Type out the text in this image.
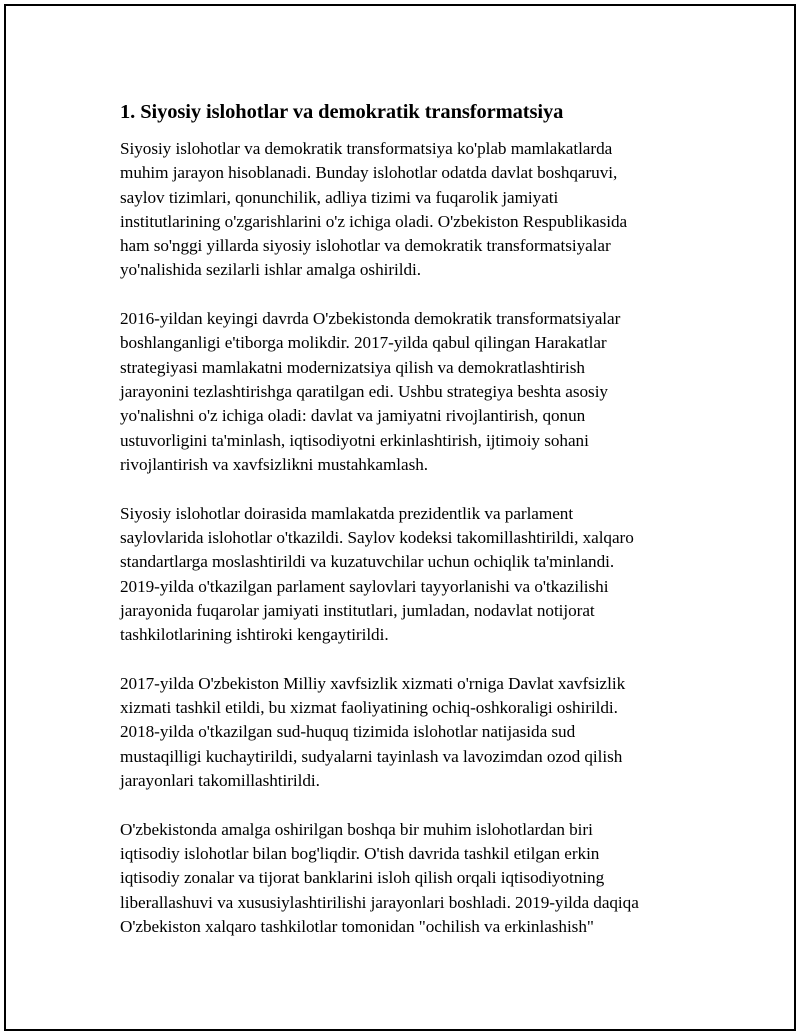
1. Siyosiy islohotlar va demokratik transformatsiya

Siyosiy islohotlar va demokratik transformatsiya ko'plab mamlakatlarda
muhim jarayon hisoblanadi. Bunday islohotlar odatda davlat boshqaruvi,
saylov tizimlari, qonunchilik, adliya tizimi va fuqarolik jamiyati
institutlarining o'zgarishlarini o'z ichiga oladi. O'zbekiston Respublikasida
ham so'nggi yillarda siyosiy islohotlar va demokratik transformatsiyalar
yo'nalishida sezilarli ishlar amalga oshirildi.

2016-yildan keyingi davrda O'zbekistonda demokratik transformatsiyalar
boshlanganligi e'tiborga molikdir. 2017-yilda qabul qilingan Harakatlar
strategiyasi mamlakatni modernizatsiya qilish va demokratlashtirish
jarayonini tezlashtirishga qaratilgan edi. Ushbu strategiya beshta asosiy
yo'nalishni o'z ichiga oladi: davlat va jamiyatni rivojlantirish, qonun
ustuvorligini ta'minlash, iqtisodiyotni erkinlashtirish, ijtimoiy sohani
rivojlantirish va xavfsizlikni mustahkamlash.

Siyosiy islohotlar doirasida mamlakatda prezidentlik va parlament
saylovlarida islohotlar o'tkazildi. Saylov kodeksi takomillashtirildi, xalqaro
standartlarga moslashtirildi va kuzatuvchilar uchun ochiqlik ta'minlandi.
2019-yilda o'tkazilgan parlament saylovlari tayyorlanishi va o'tkazilishi
jarayonida fuqarolar jamiyati institutlari, jumladan, nodavlat notijorat
tashkilotlarining ishtiroki kengaytirildi.

2017-yilda O'zbekiston Milliy xavfsizlik xizmati o'rniga Davlat xavfsizlik
xizmati tashkil etildi, bu xizmat faoliyatining ochiq-oshkoraligi oshirildi.
2018-yilda o'tkazilgan sud-huquq tizimida islohotlar natijasida sud
mustaqilligi kuchaytirildi, sudyalarni tayinlash va lavozimdan ozod qilish
jarayonlari takomillashtirildi.

O'zbekistonda amalga oshirilgan boshqa bir muhim islohotlardan biri
iqtisodiy islohotlar bilan bog'liqdir. O'tish davrida tashkil etilgan erkin
iqtisodiy zonalar va tijorat banklarini isloh qilish orqali iqtisodiyotning
liberallashuvi va xususiylashtirilishi jarayonlari boshladi. 2019-yilda daqiqa
O'zbekiston xalqaro tashkilotlar tomonidan "ochilish va erkinlashish"
